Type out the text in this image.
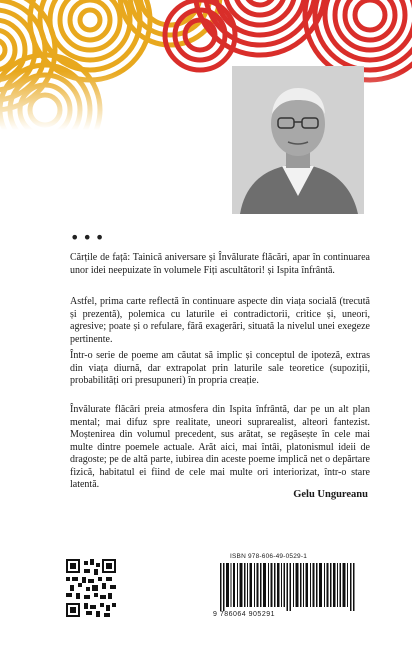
•••

Cărțile de față: Tainică aniversare și Învălurate flăcări, apar în continuarea unor idei neepuizate în volumele Fiți ascultători! și Ispita înfrântă.

Astfel, prima carte reflectă în continuare aspecte din viața socială (trecută și prezentă), polemica cu laturile ei contradictorii, critice și, uneori, agresive; poate și o refulare, fără exagerări, situată la nivelul unei exegeze pertinente.

Într-o serie de poeme am căutat să implic și conceptul de ipoteză, extras din viața diurnă, dar extrapolat prin laturile sale teoretice (supoziții, probabilități ori presupuneri) în propria creație.

Învălurate flăcări preia atmosfera din Ispita înfrântă, dar pe un alt plan mental; mai difuz spre realitate, uneori suprarealist, alteori fantezist. Moștenirea din volumul precedent, sus arătat, se regăsește în cele mai multe dintre poemele actuale. Arăt aici, mai întâi, platonismul ideii de dragoste; pe de altă parte, iubirea din aceste poeme implică net o depărtare fizică, habitatul ei fiind de cele mai multe ori interiorizat, într-o stare latentă.

Gelu Ungureanu
ISBN 978-606-49-0529-1
9 786064 905291
